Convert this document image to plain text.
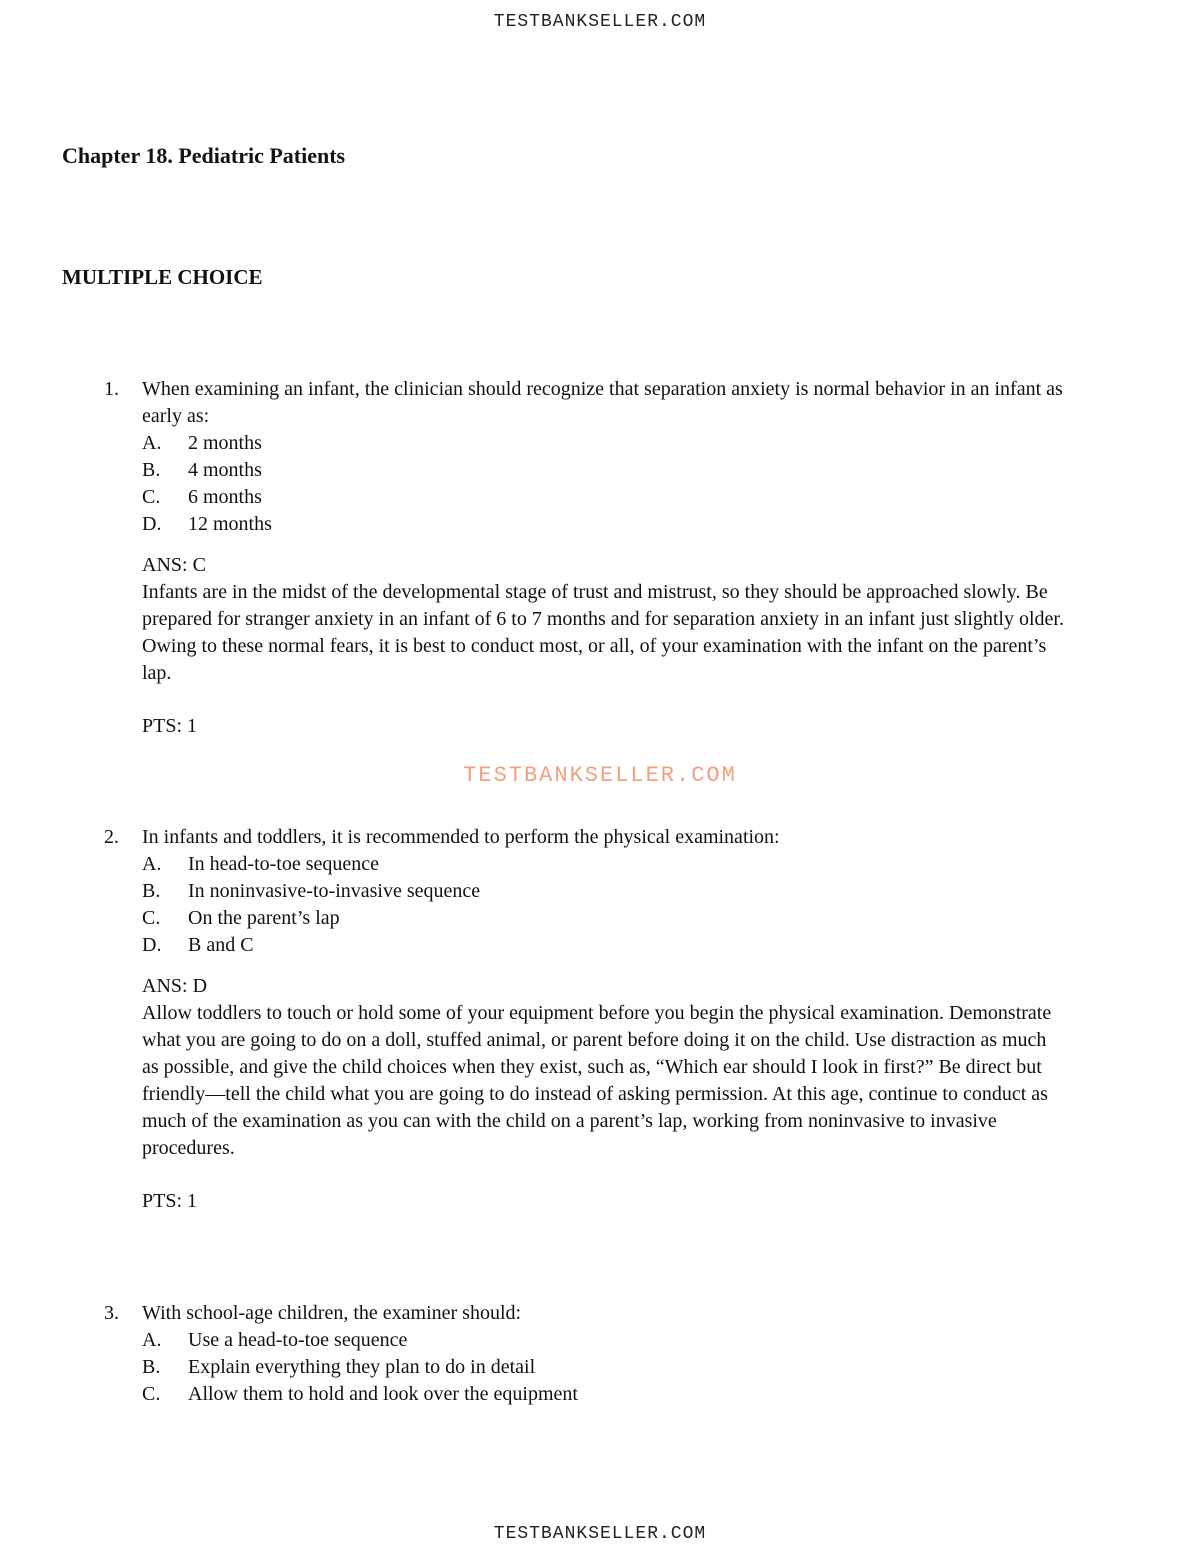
TESTBANKSELLER.COM
Chapter 18. Pediatric Patients
MULTIPLE CHOICE
1.	When examining an infant, the clinician should recognize that separation anxiety is normal behavior in an infant as early as:
A.	2 months
B.	4 months
C.	6 months
D.	12 months
ANS: C
Infants are in the midst of the developmental stage of trust and mistrust, so they should be approached slowly. Be prepared for stranger anxiety in an infant of 6 to 7 months and for separation anxiety in an infant just slightly older. Owing to these normal fears, it is best to conduct most, or all, of your examination with the infant on the parent’s lap.
PTS: 1
TESTBANKSELLER.COM
2.	In infants and toddlers, it is recommended to perform the physical examination:
A.	In head-to-toe sequence
B.	In noninvasive-to-invasive sequence
C.	On the parent’s lap
D.	B and C
ANS: D
Allow toddlers to touch or hold some of your equipment before you begin the physical examination. Demonstrate what you are going to do on a doll, stuffed animal, or parent before doing it on the child. Use distraction as much as possible, and give the child choices when they exist, such as, “Which ear should I look in first?” Be direct but friendly—tell the child what you are going to do instead of asking permission. At this age, continue to conduct as much of the examination as you can with the child on a parent’s lap, working from noninvasive to invasive procedures.
PTS: 1
3.	With school-age children, the examiner should:
A.	Use a head-to-toe sequence
B.	Explain everything they plan to do in detail
C.	Allow them to hold and look over the equipment
TESTBANKSELLER.COM
